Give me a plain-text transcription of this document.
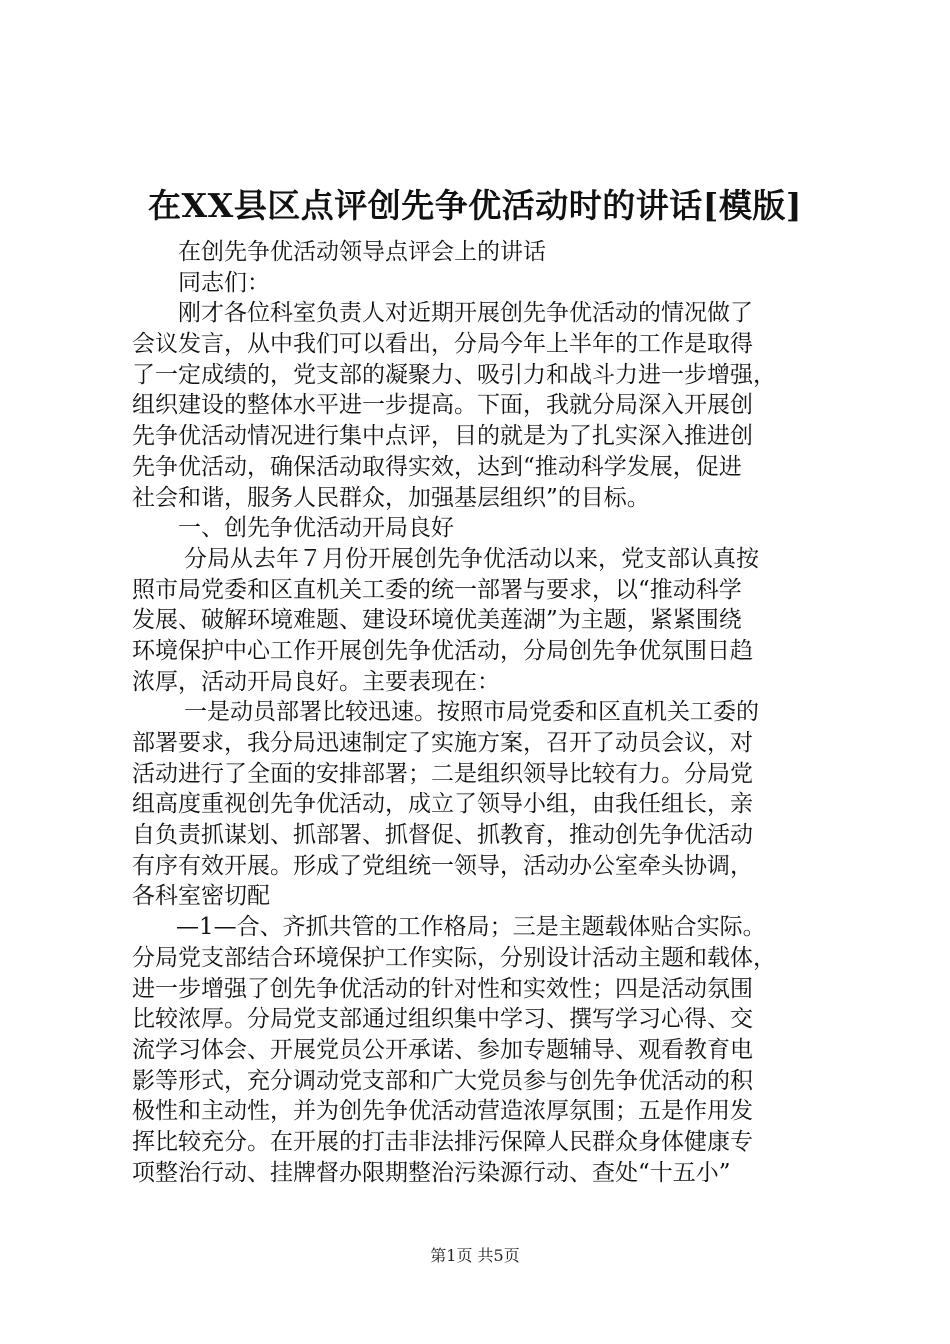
在XX县区点评创先争优活动时的讲话[模版]
在创先争优活动领导点评会上的讲话
同志们：
刚才各位科室负责人对近期开展创先争优活动的情况做了
会议发言，从中我们可以看出，分局今年上半年的工作是取得
了一定成绩的，党支部的凝聚力、吸引力和战斗力进一步增强，
组织建设的整体水平进一步提高。下面，我就分局深入开展创
先争优活动情况进行集中点评，目的就是为了扎实深入推进创
先争优活动，确保活动取得实效，达到“推动科学发展，促进
社会和谐，服务人民群众，加强基层组织”的目标。
一、创先争优活动开局良好
分局从去年７月份开展创先争优活动以来，党支部认真按
照市局党委和区直机关工委的统一部署与要求，以“推动科学
发展、破解环境难题、建设环境优美莲湖”为主题，紧紧围绕
环境保护中心工作开展创先争优活动，分局创先争优氛围日趋
浓厚，活动开局良好。主要表现在：
一是动员部署比较迅速。按照市局党委和区直机关工委的
部署要求，我分局迅速制定了实施方案，召开了动员会议，对
活动进行了全面的安排部署；二是组织领导比较有力。分局党
组高度重视创先争优活动，成立了领导小组，由我任组长，亲
自负责抓谋划、抓部署、抓督促、抓教育，推动创先争优活动
有序有效开展。形成了党组统一领导，活动办公室牵头协调，
各科室密切配
—1—合、齐抓共管的工作格局；三是主题载体贴合实际。
分局党支部结合环境保护工作实际，分别设计活动主题和载体，
进一步增强了创先争优活动的针对性和实效性；四是活动氛围
比较浓厚。分局党支部通过组织集中学习、撰写学习心得、交
流学习体会、开展党员公开承诺、参加专题辅导、观看教育电
影等形式，充分调动党支部和广大党员参与创先争优活动的积
极性和主动性，并为创先争优活动营造浓厚氛围；五是作用发
挥比较充分。在开展的打击非法排污保障人民群众身体健康专
项整治行动、挂牌督办限期整治污染源行动、查处“十五小”
第1页 共5页
